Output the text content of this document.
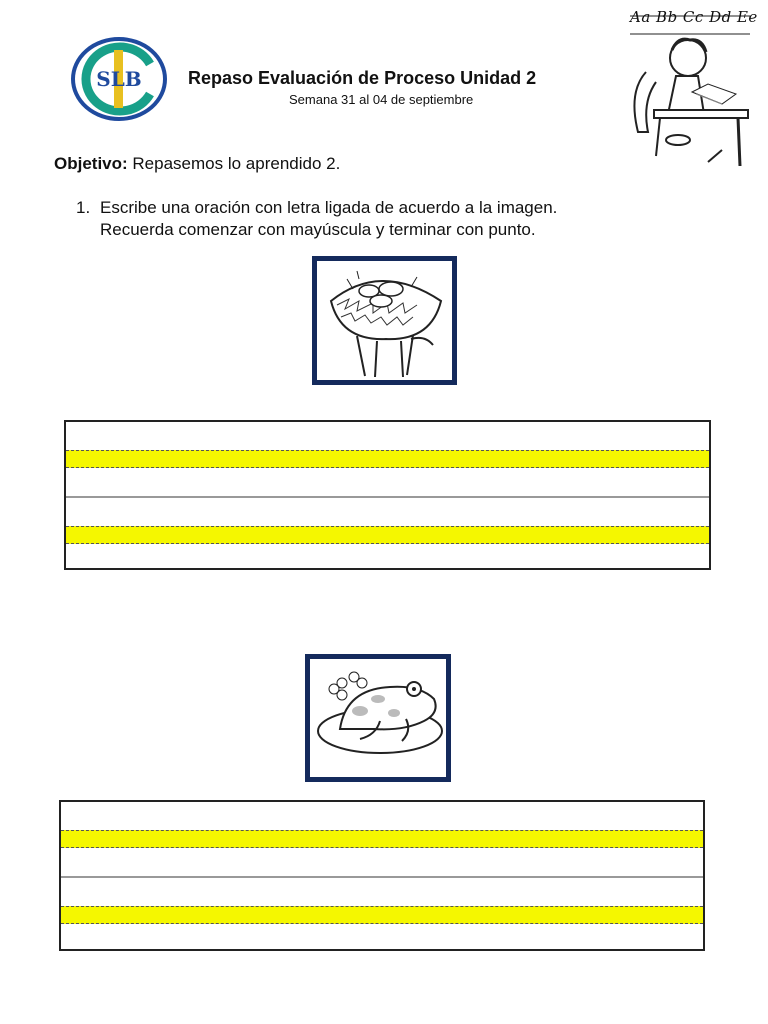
SLB	Repaso Evaluación de Proceso Unidad 2
Semana 31 al 04 de septiembre
Aa Bb Cc Dd Ee
Objetivo: Repasemos lo aprendido 2.
1. Escribe una oración con letra ligada de acuerdo a la imagen.
Recuerda comenzar con mayúscula y terminar con punto.
